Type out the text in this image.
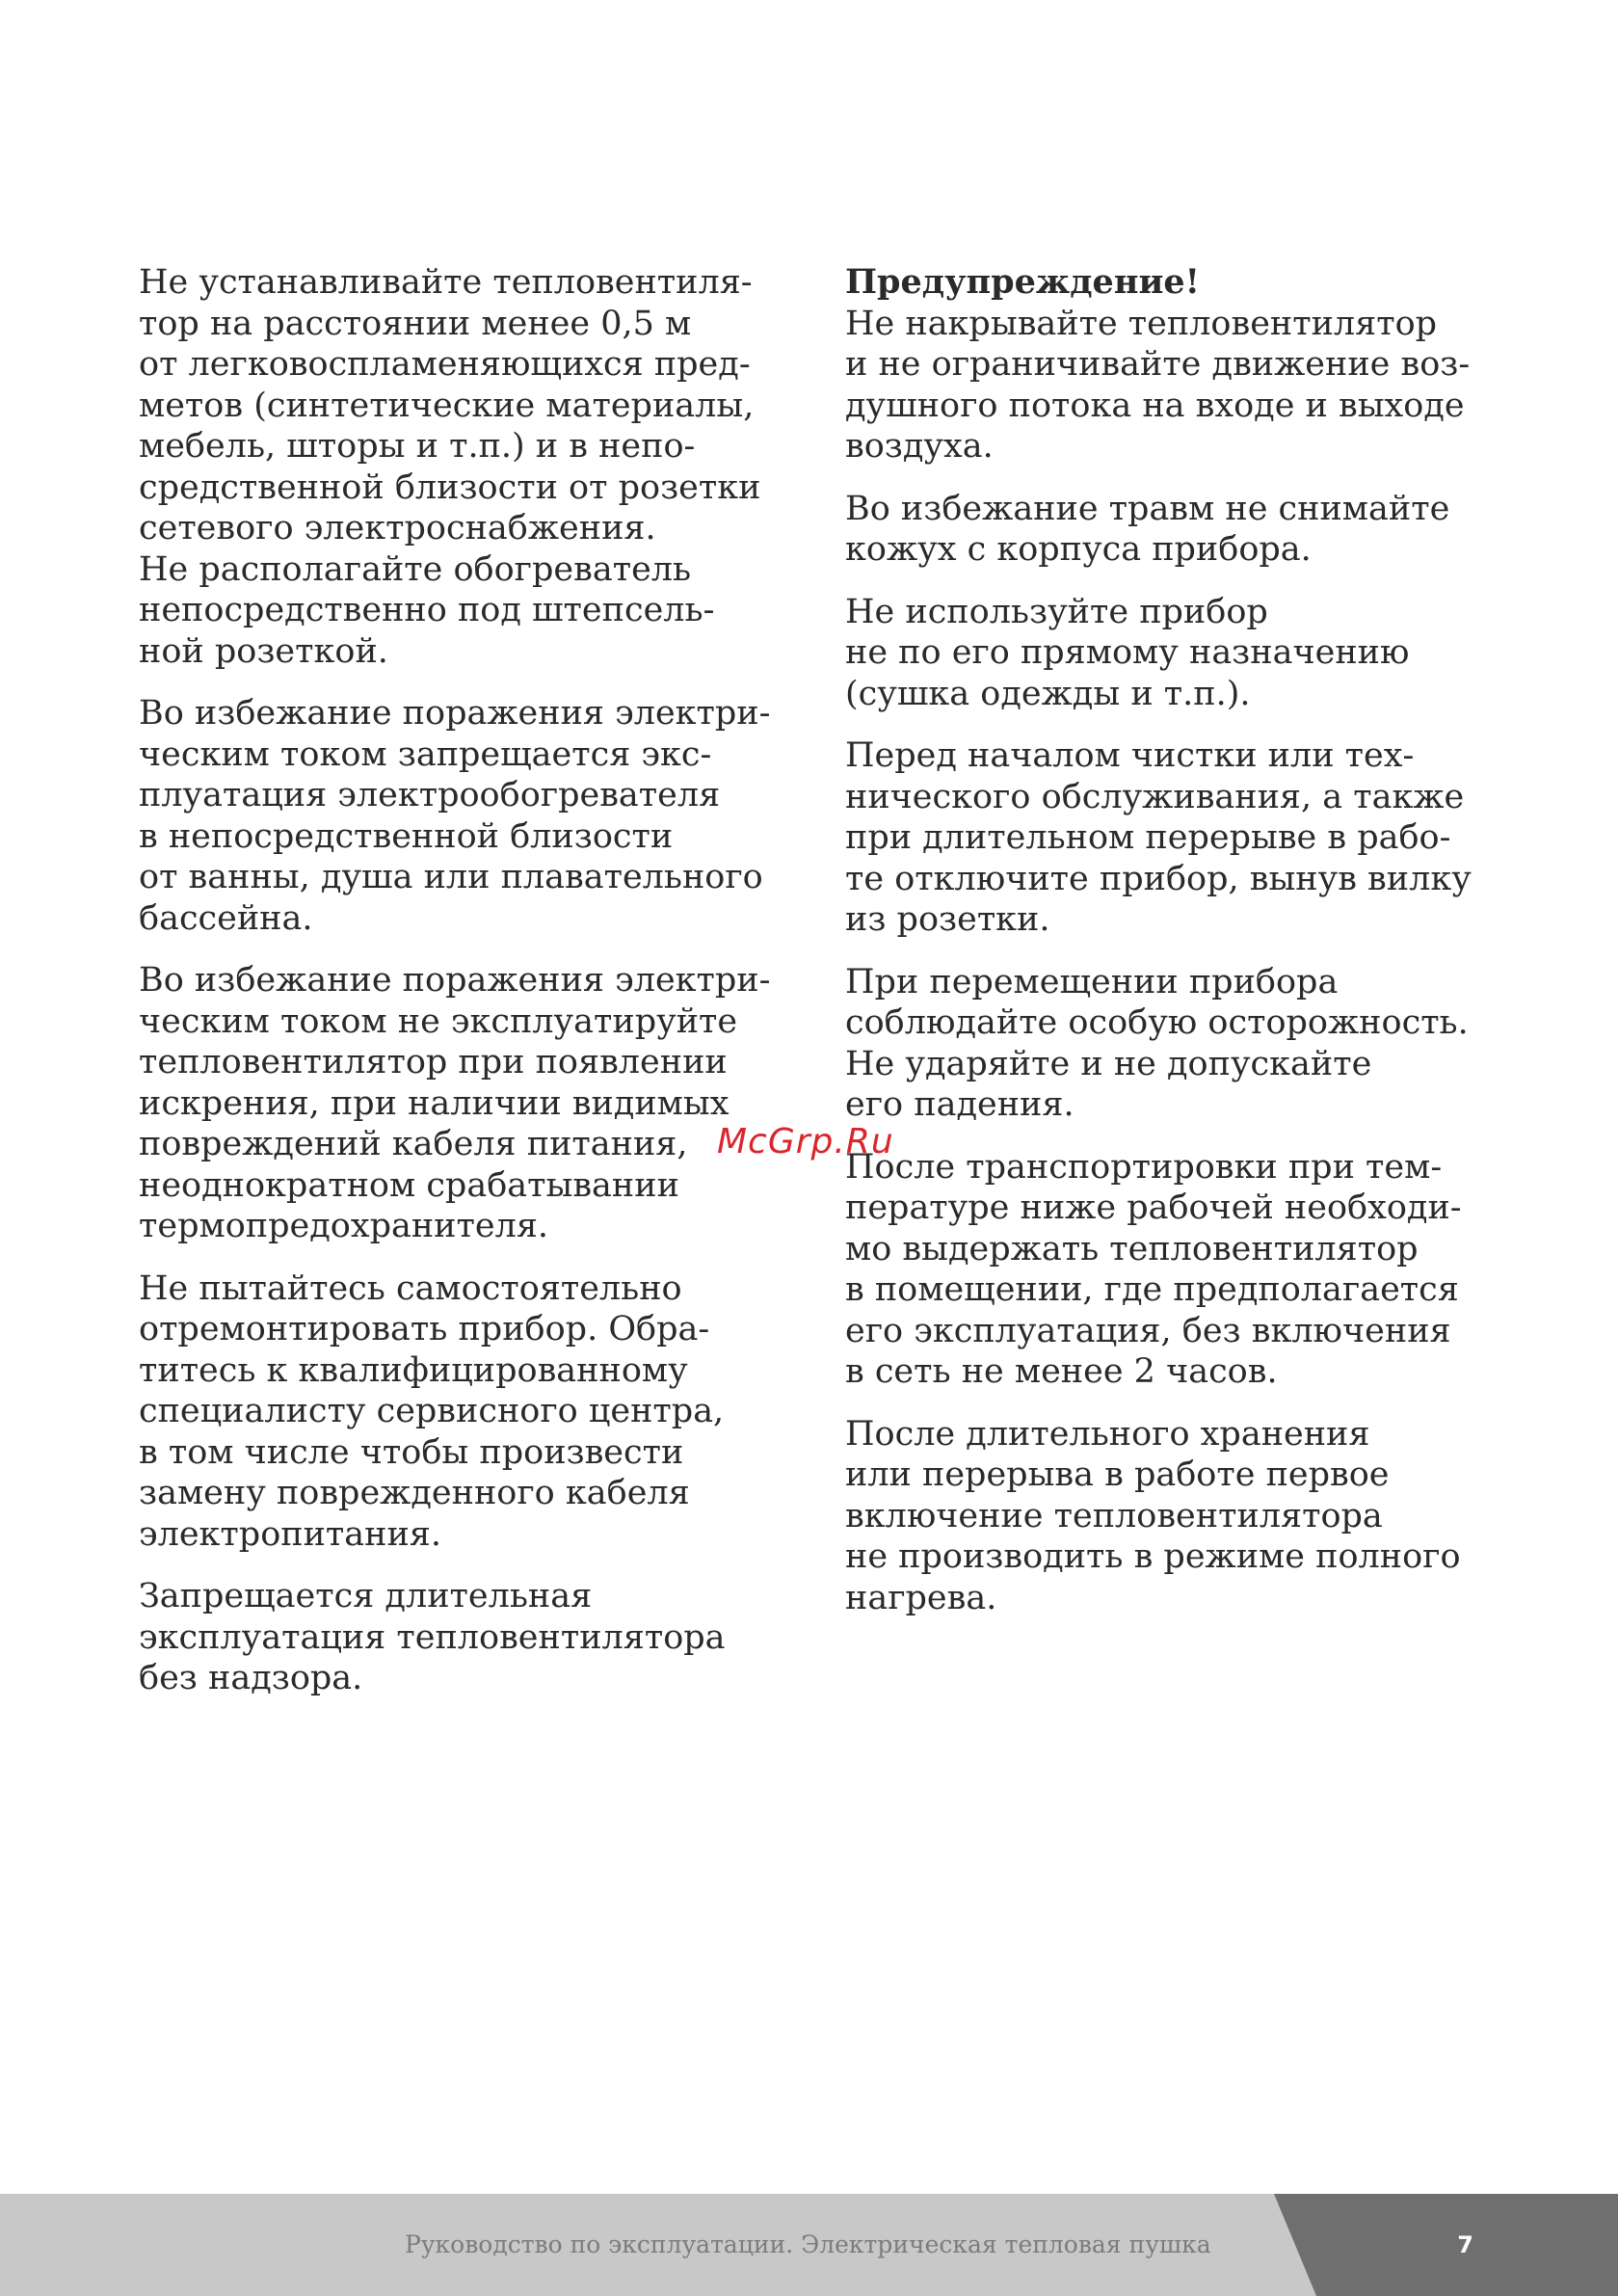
Не устанавливайте тепловентиля-
тор на расстоянии менее 0,5 м
от легковоспламеняющихся пред-
метов (синтетические материалы,
мебель, шторы и т.п.) и в непо-
средственной близости от розетки
сетевого электроснабжения.
Не располагайте обогреватель
непосредственно под штепсель-
ной розеткой.

Во избежание поражения электри-
ческим током запрещается экс-
плуатация электрообогревателя
в непосредственной близости
от ванны, душа или плавательного
бассейна.

Во избежание поражения электри-
ческим током не эксплуатируйте
тепловентилятор при появлении
искрения, при наличии видимых
повреждений кабеля питания,
неоднократном срабатывании
термопредохранителя.

Не пытайтесь самостоятельно
отремонтировать прибор. Обра-
титесь к квалифицированному
специалисту сервисного центра,
в том числе чтобы произвести
замену поврежденного кабеля
электропитания.

Запрещается длительная
эксплуатация тепловентилятора
без надзора.

Предупреждение!
Не накрывайте тепловентилятор
и не ограничивайте движение воз-
душного потока на входе и выходе
воздуха.

Во избежание травм не снимайте
кожух с корпуса прибора.

Не используйте прибор
не по его прямому назначению
(сушка одежды и т.п.).

Перед началом чистки или тех-
нического обслуживания, а также
при длительном перерыве в рабо-
те отключите прибор, вынув вилку
из розетки.

При перемещении прибора
соблюдайте особую осторожность.
Не ударяйте и не допускайте
его падения.

После транспортировки при тем-
пературе ниже рабочей необходи-
мо выдержать тепловентилятор
в помещении, где предполагается
его эксплуатация, без включения
в сеть не менее 2 часов.

После длительного хранения
или перерыва в работе первое
включение тепловентилятора
не производить в режиме полного
нагрева.

McGrp.Ru
Руководство по эксплуатации. Электрическая тепловая пушка	7
